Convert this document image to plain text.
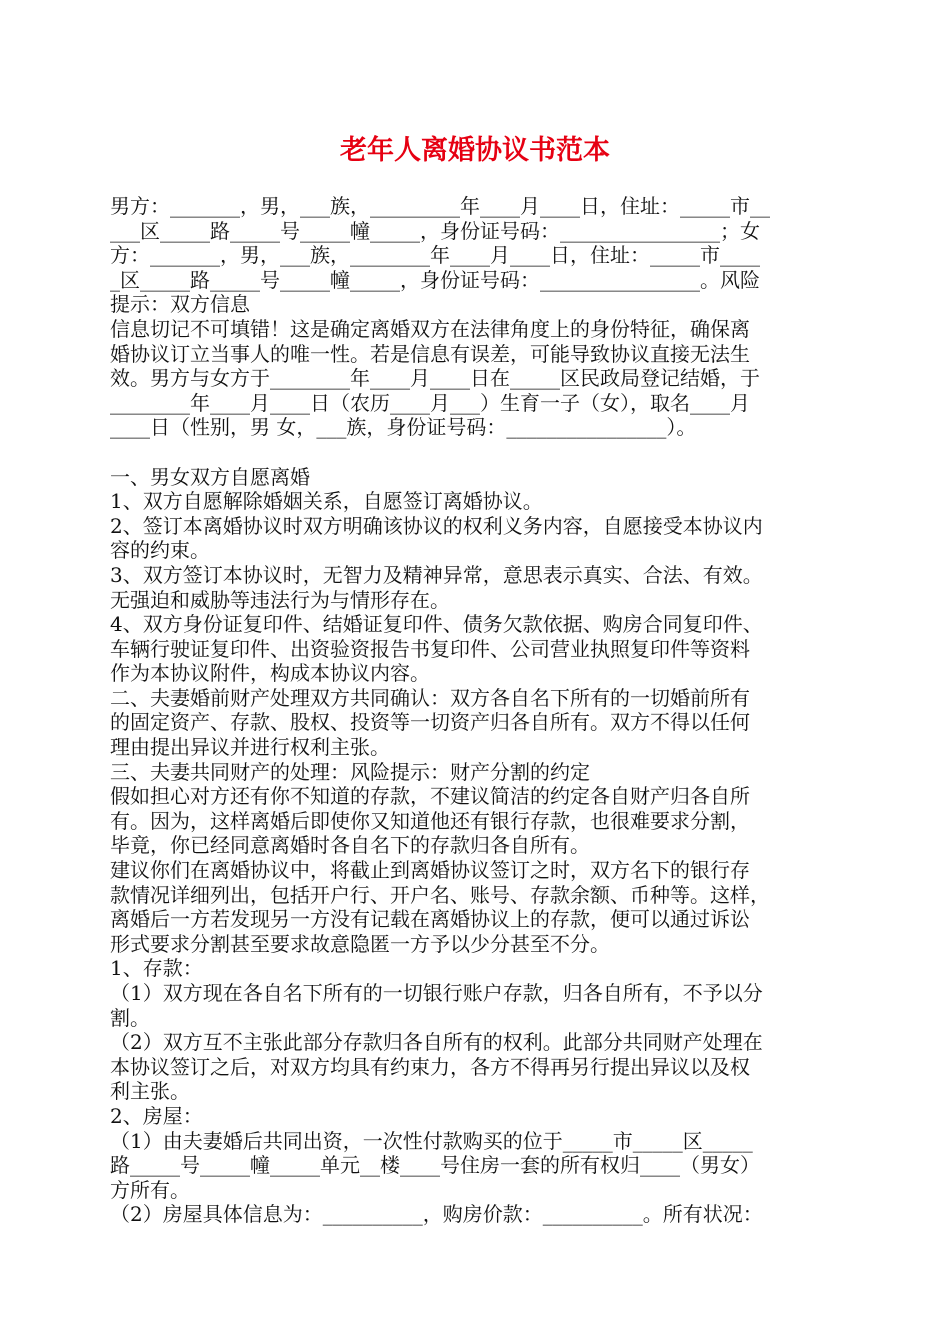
老年人离婚协议书范本
男方：_______，男，___族，_________年____月____日，住址：_____市__
___区_____路_____号_____幢_____，身份证号码：________________；女
方：_______，男，___族，________年____月____日，住址：_____市____
_区_____路_____号_____幢_____，身份证号码：________________。风险
提示：双方信息
信息切记不可填错！这是确定离婚双方在法律角度上的身份特征，确保离
婚协议订立当事人的唯一性。若是信息有误差，可能导致协议直接无法生
效。男方与女方于________年____月____日在_____区民政局登记结婚，于
________年____月____日（农历____月___）生育一子（女），取名____月
____日（性别，男 女，___族，身份证号码：________________）。
一、男女双方自愿离婚
1、双方自愿解除婚姻关系，自愿签订离婚协议。
2、签订本离婚协议时双方明确该协议的权利义务内容，自愿接受本协议内
容的约束。
3、双方签订本协议时，无智力及精神异常，意思表示真实、合法、有效。
无强迫和威胁等违法行为与情形存在。
4、双方身份证复印件、结婚证复印件、债务欠款依据、购房合同复印件、
车辆行驶证复印件、出资验资报告书复印件、公司营业执照复印件等资料
作为本协议附件，构成本协议内容。
二、夫妻婚前财产处理双方共同确认：双方各自名下所有的一切婚前所有
的固定资产、存款、股权、投资等一切资产归各自所有。双方不得以任何
理由提出异议并进行权利主张。
三、夫妻共同财产的处理：风险提示：财产分割的约定
假如担心对方还有你不知道的存款，不建议简洁的约定各自财产归各自所
有。因为，这样离婚后即使你又知道他还有银行存款，也很难要求分割，
毕竟，你已经同意离婚时各自名下的存款归各自所有。
建议你们在离婚协议中，将截止到离婚协议签订之时，双方名下的银行存
款情况详细列出，包括开户行、开户名、账号、存款余额、币种等。这样，
离婚后一方若发现另一方没有记载在离婚协议上的存款，便可以通过诉讼
形式要求分割甚至要求故意隐匿一方予以少分甚至不分。
1、存款：
（1）双方现在各自名下所有的一切银行账户存款，归各自所有，不予以分
割。
（2）双方互不主张此部分存款归各自所有的权利。此部分共同财产处理在
本协议签订之后，对双方均具有约束力，各方不得再另行提出异议以及权
利主张。
2、房屋：
（1）由夫妻婚后共同出资，一次性付款购买的位于_____市_____区_____
路_____号_____幢_____单元__楼____号住房一套的所有权归____（男女）
方所有。
（2）房屋具体信息为：__________，购房价款：__________。所有状况：
